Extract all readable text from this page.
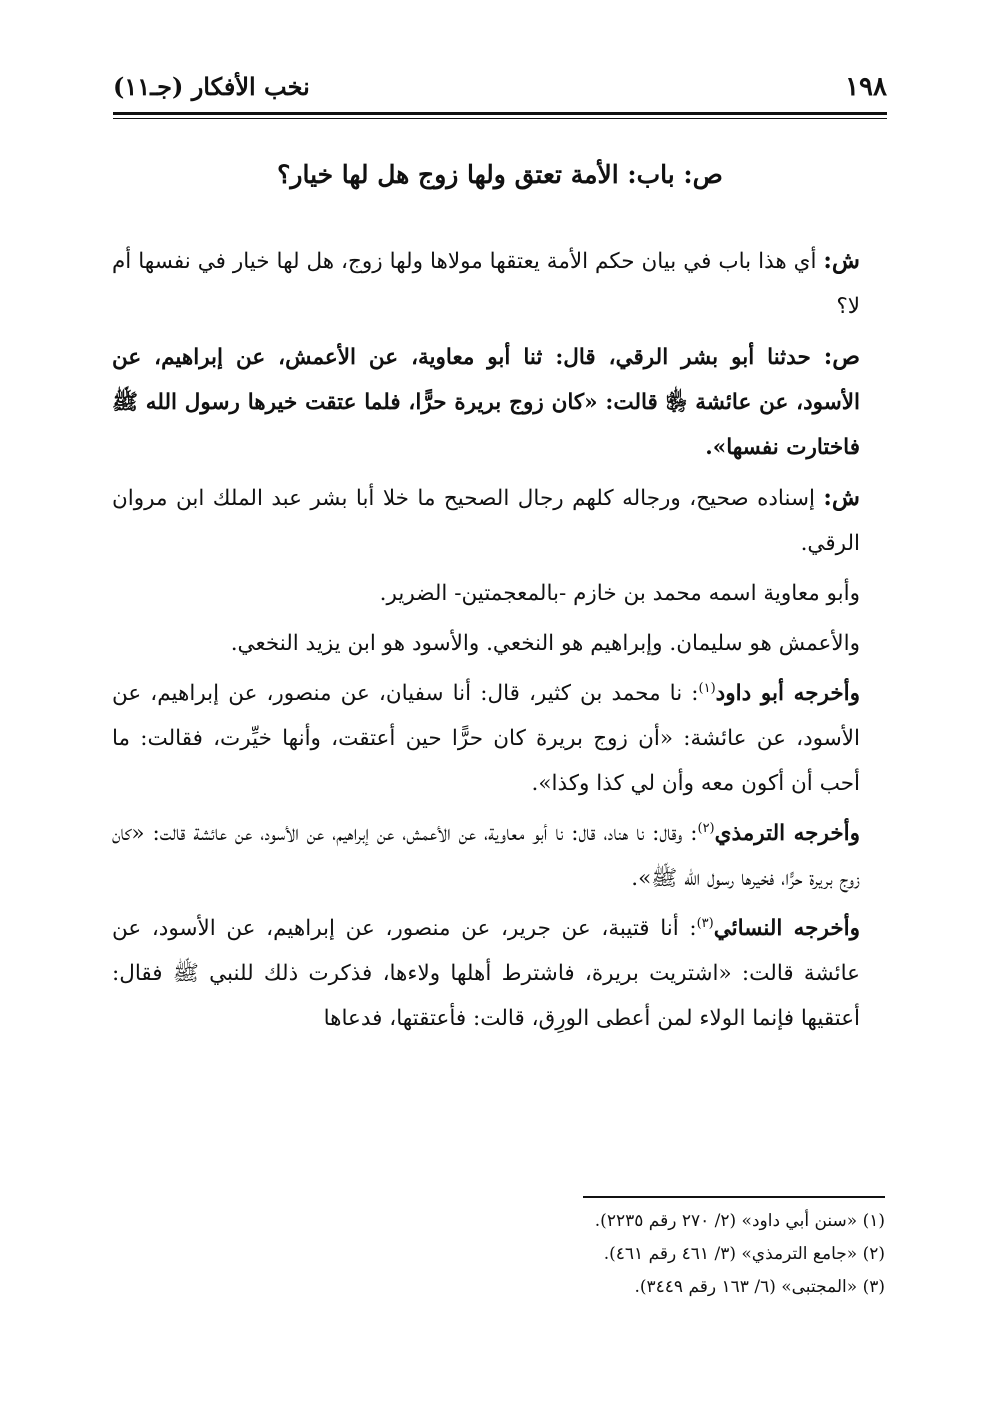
١٩٨
نخب الأفكار (جـ١١)
ص: باب: الأمة تعتق ولها زوج هل لها خيار؟

ش: أي هذا باب في بيان حكم الأمة يعتقها مولاها ولها زوج، هل لها خيار في نفسها أم لا؟

ص: حدثنا أبو بشر الرقي، قال: ثنا أبو معاوية، عن الأعمش، عن إبراهيم، عن الأسود، عن عائشة ﵂ قالت: «كان زوج بريرة حرًّا، فلما عتقت خيرها رسول الله ﷺ فاختارت نفسها».

ش: إسناده صحيح، ورجاله كلهم رجال الصحيح ما خلا أبا بشر عبد الملك ابن مروان الرقي.

وأبو معاوية اسمه محمد بن خازم -بالمعجمتين- الضرير.

والأعمش هو سليمان. وإبراهيم هو النخعي. والأسود هو ابن يزيد النخعي.

وأخرجه أبو داود$^{(١)}$: نا محمد بن كثير، قال: أنا سفيان، عن منصور، عن إبراهيم، عن الأسود، عن عائشة: «أن زوج بريرة كان حرًّا حين أعتقت، وأنها خيِّرت، فقالت: ما أحب أن أكون معه وأن لي كذا وكذا».

وأخرجه الترمذي$^{(٢)}$: وقال: نا هناد، قال: نا أبو معاوية، عن الأعمش، عن إبراهيم، عن الأسود، عن عائشة قالت: «كان زوج بريرة حرًّا، فخيرها رسول الله ﷺ».

وأخرجه النسائي$^{(٣)}$: أنا قتيبة، عن جرير، عن منصور، عن إبراهيم، عن الأسود، عن عائشة قالت: «اشتريت بريرة، فاشترط أهلها ولاءها، فذكرت ذلك للنبي ﷺ فقال: أعتقيها فإنما الولاء لمن أعطى الورِق، قالت: فأعتقتها، فدعاها

(١) «سنن أبي داود» (٢/ ٢٧٠ رقم ٢٢٣٥).
(٢) «جامع الترمذي» (٣/ ٤٦١ رقم ٤٦١).
(٣) «المجتبى» (٦/ ١٦٣ رقم ٣٤٤٩).
